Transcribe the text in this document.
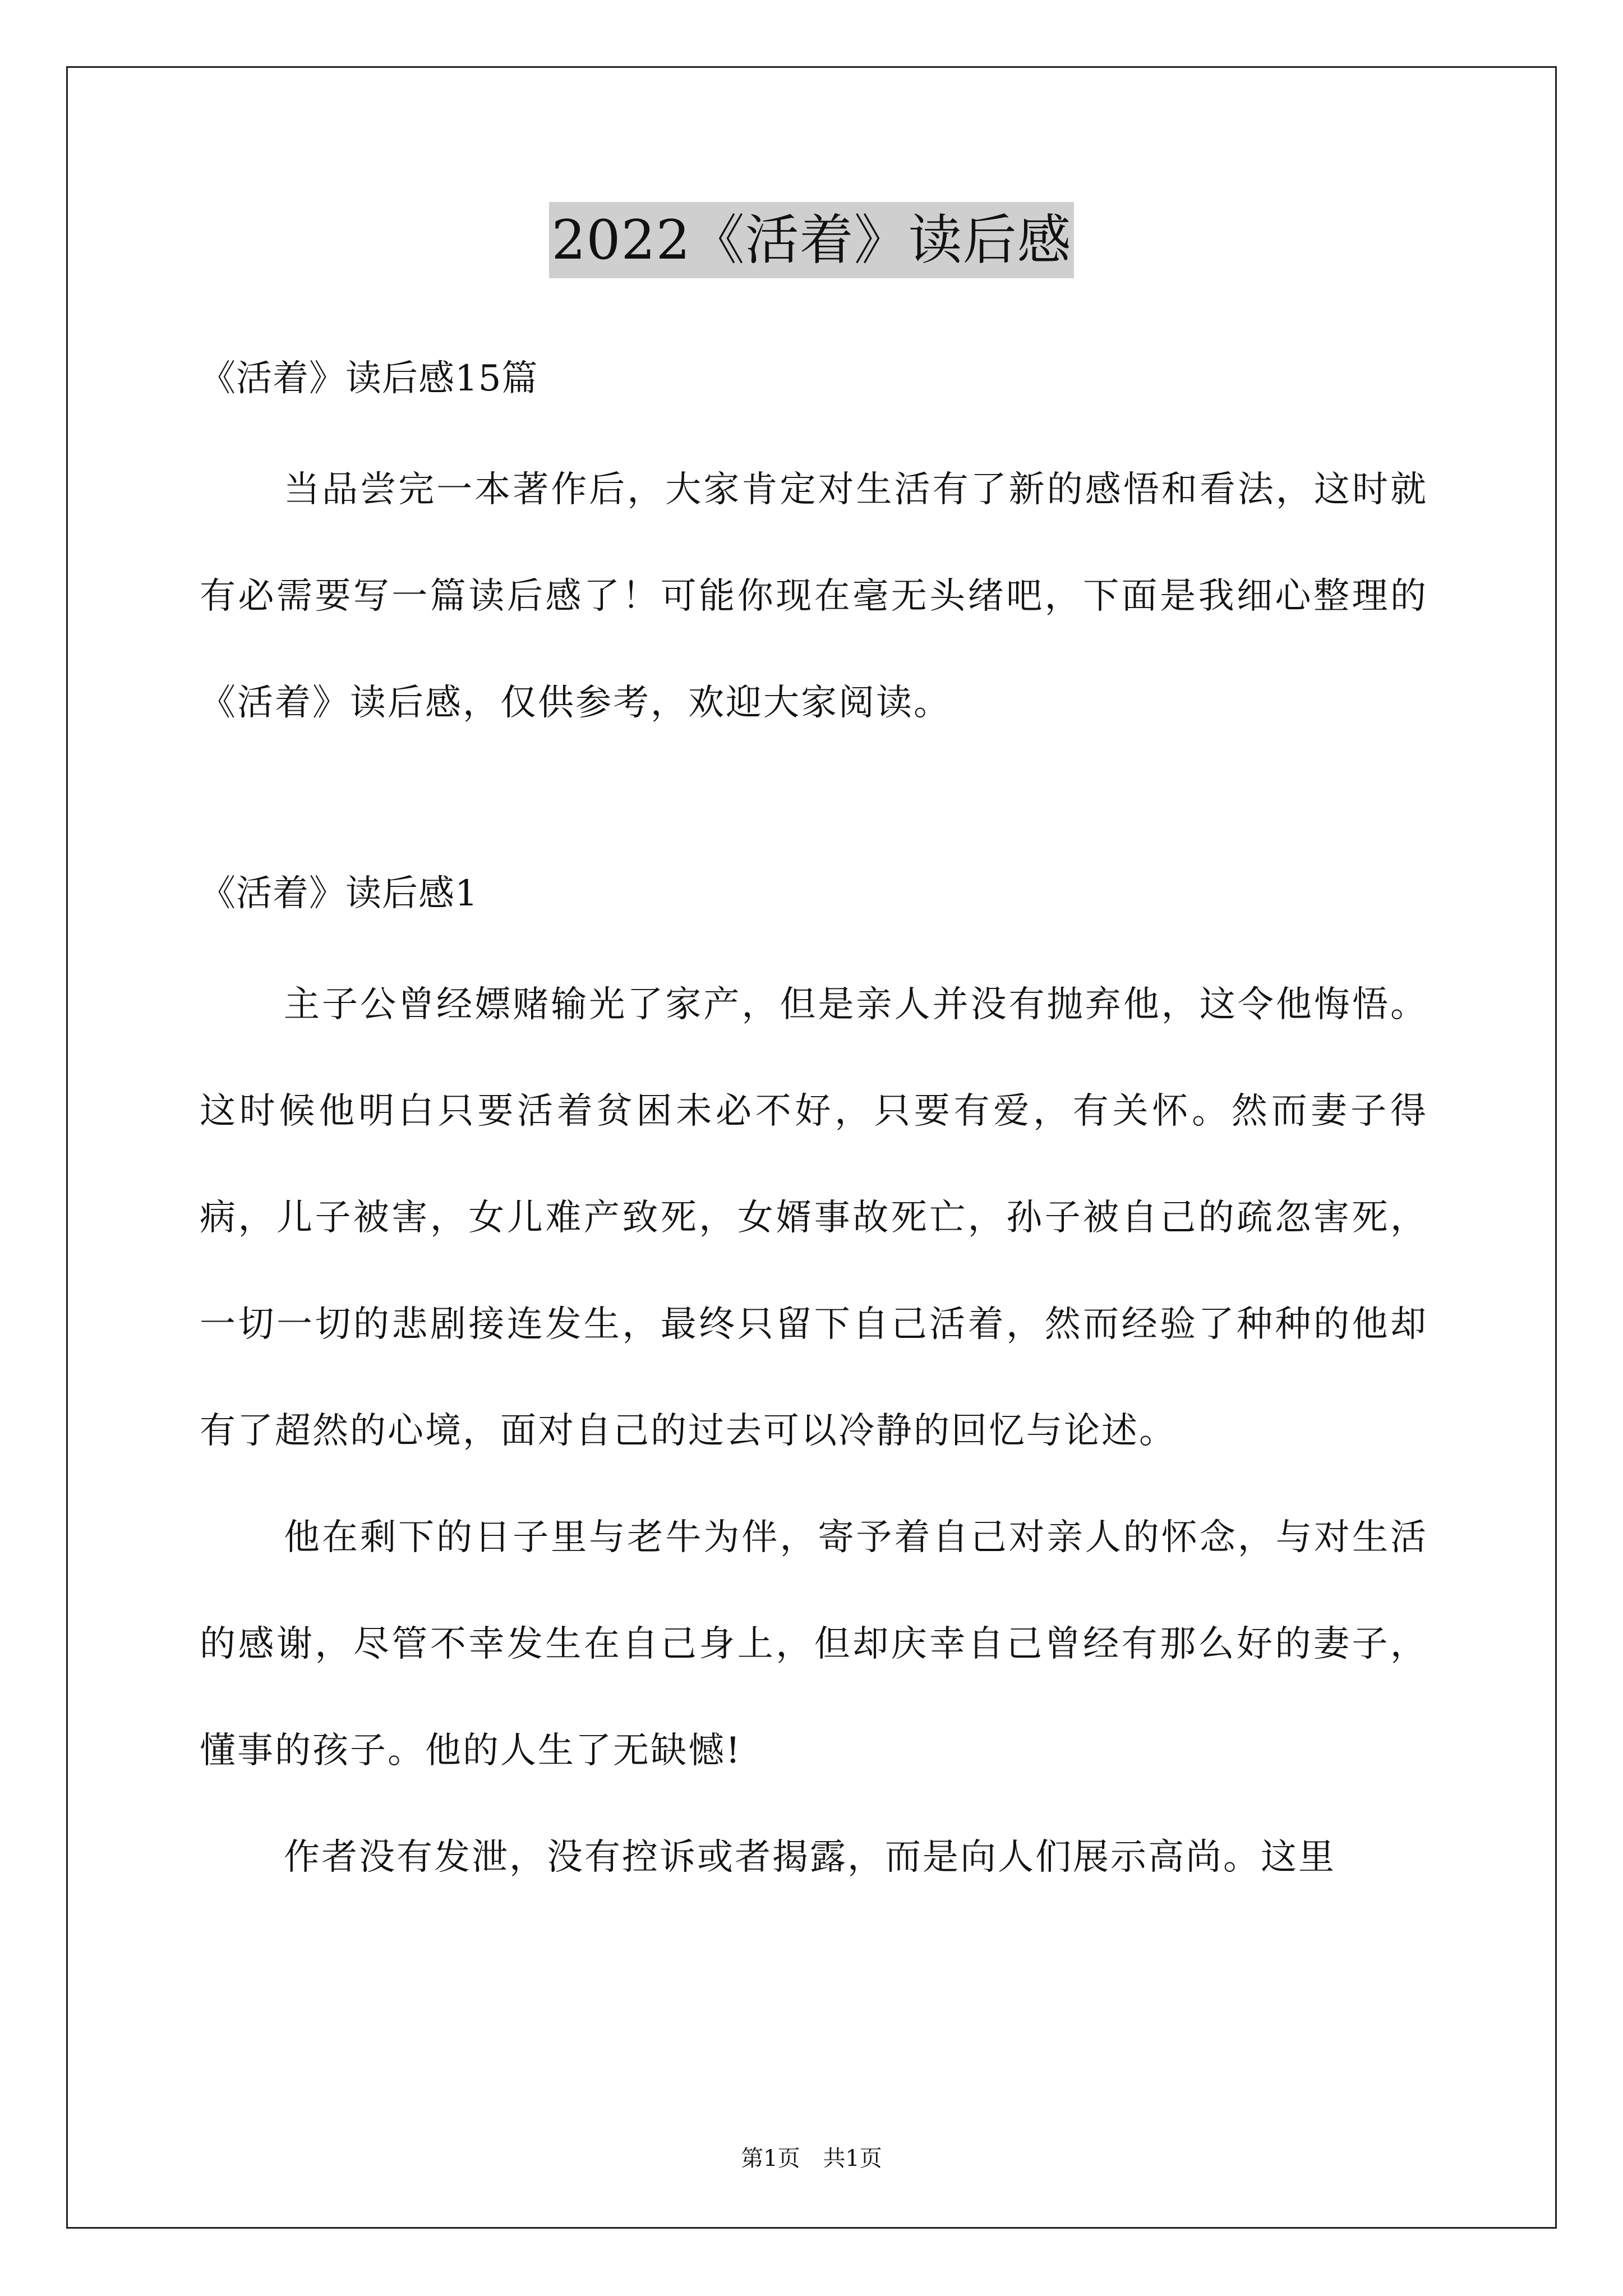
2022《活着》读后感

《活着》读后感15篇

当品尝完一本著作后，大家肯定对生活有了新的感悟和看法，这时就有必需要写一篇读后感了！可能你现在毫无头绪吧，下面是我细心整理的《活着》读后感，仅供参考，欢迎大家阅读。

《活着》读后感1

主子公曾经嫖赌输光了家产，但是亲人并没有抛弃他，这令他悔悟。这时候他明白只要活着贫困未必不好，只要有爱，有关怀。然而妻子得病，儿子被害，女儿难产致死，女婿事故死亡，孙子被自己的疏忽害死，一切一切的悲剧接连发生，最终只留下自己活着，然而经验了种种的他却有了超然的心境，面对自己的过去可以冷静的回忆与论述。

他在剩下的日子里与老牛为伴，寄予着自己对亲人的怀念，与对生活的感谢，尽管不幸发生在自己身上，但却庆幸自己曾经有那么好的妻子，懂事的孩子。他的人生了无缺憾!

作者没有发泄，没有控诉或者揭露，而是向人们展示高尚。这里

第1页 共1页
